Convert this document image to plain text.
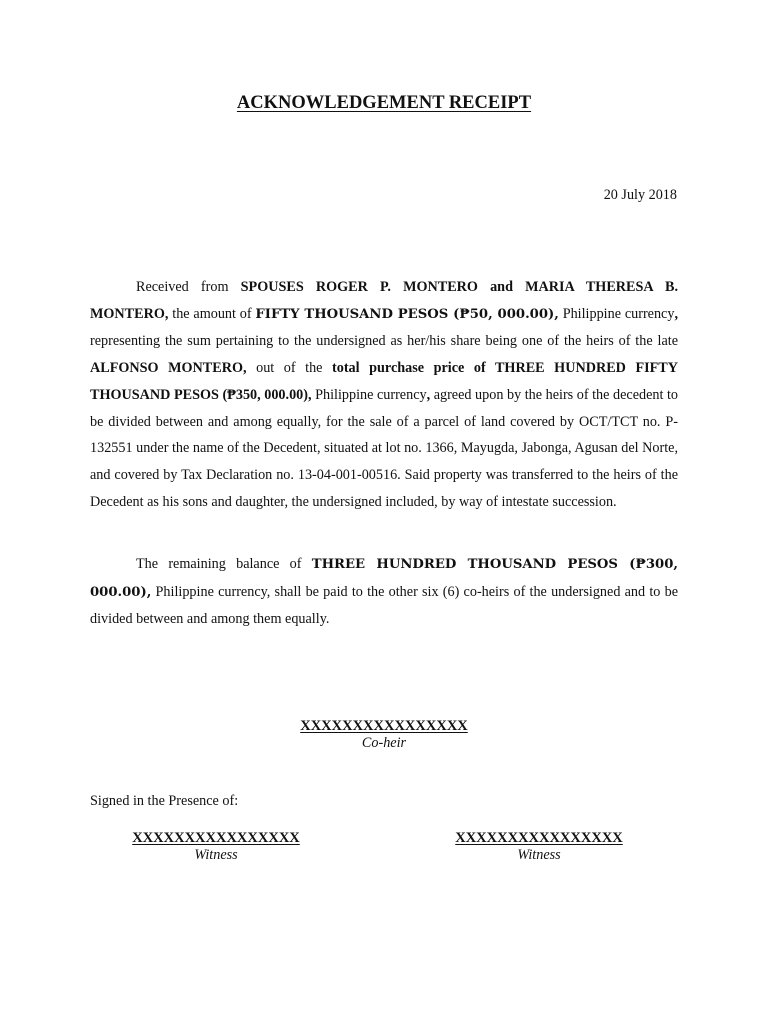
ACKNOWLEDGEMENT RECEIPT

20 July 2018

Received from SPOUSES ROGER P. MONTERO and MARIA THERESA B. MONTERO, the amount of FIFTY THOUSAND PESOS (₱50, 000.00), Philippine currency, representing the sum pertaining to the undersigned as her/his share being one of the heirs of the late ALFONSO MONTERO, out of the total purchase price of THREE HUNDRED FIFTY THOUSAND PESOS (₱350, 000.00), Philippine currency, agreed upon by the heirs of the decedent to be divided between and among equally, for the sale of a parcel of land covered by OCT/TCT no. P-132551 under the name of the Decedent, situated at lot no. 1366, Mayugda, Jabonga, Agusan del Norte, and covered by Tax Declaration no. 13-04-001-00516. Said property was transferred to the heirs of the Decedent as his sons and daughter, the undersigned included, by way of intestate succession.

The remaining balance of THREE HUNDRED THOUSAND PESOS (₱300, 000.00), Philippine currency, shall be paid to the other six (6) co-heirs of the undersigned and to be divided between and among them equally.

XXXXXXXXXXXXXXXX
Co-heir

Signed in the Presence of:

XXXXXXXXXXXXXXXX
Witness
XXXXXXXXXXXXXXXX
Witness
